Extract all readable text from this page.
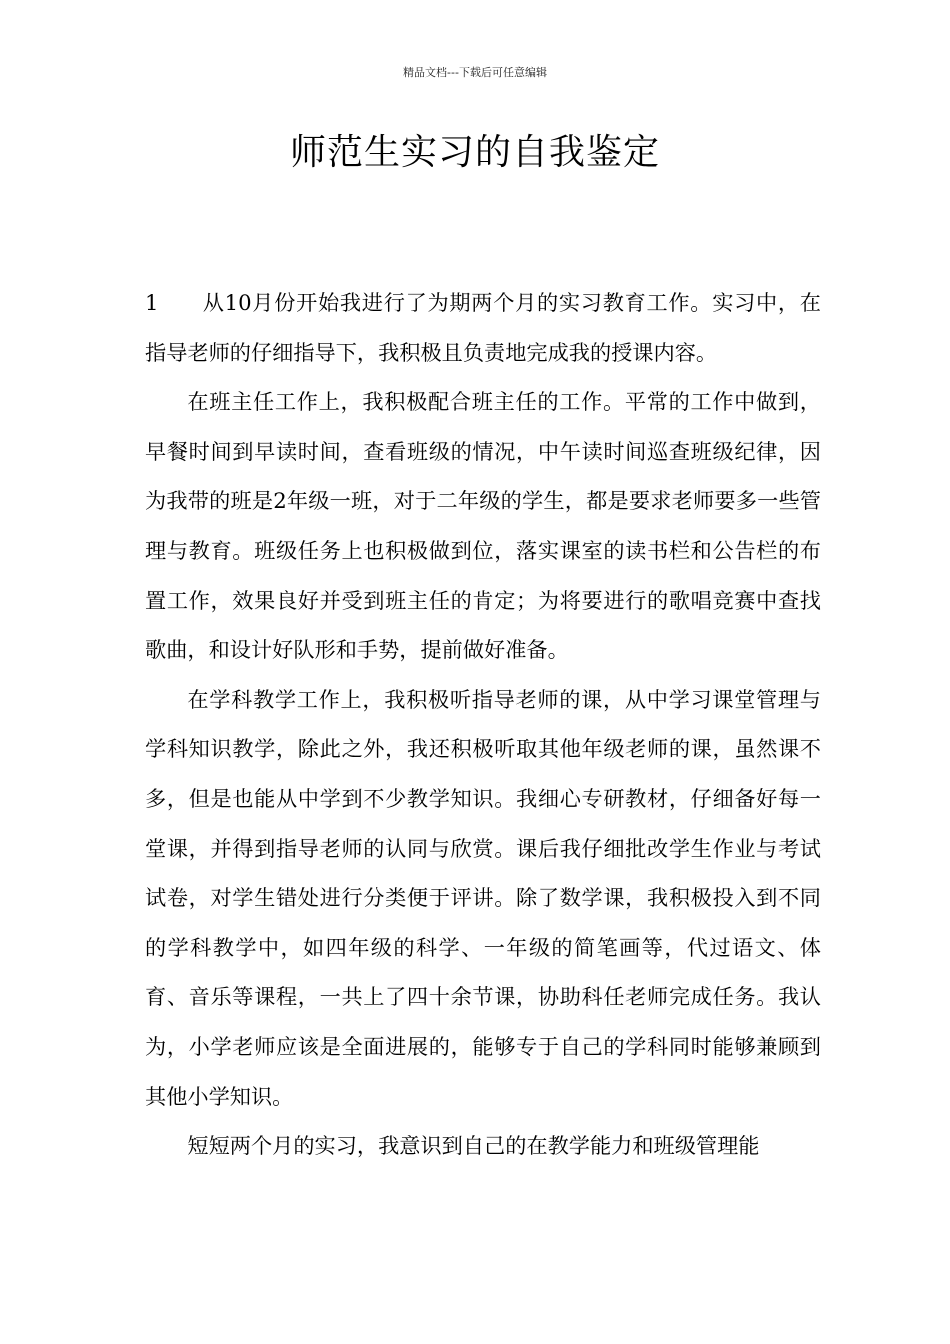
精品文档---下载后可任意编辑
师范生实习的自我鉴定

1 从10月份开始我进行了为期两个月的实习教育工作。实习中，在指导老师的仔细指导下，我积极且负责地完成我的授课内容。

在班主任工作上，我积极配合班主任的工作。平常的工作中做到，早餐时间到早读时间，查看班级的情况，中午读时间巡查班级纪律，因为我带的班是2年级一班，对于二年级的学生，都是要求老师要多一些管理与教育。班级任务上也积极做到位，落实课室的读书栏和公告栏的布置工作，效果良好并受到班主任的肯定；为将要进行的歌唱竞赛中查找歌曲，和设计好队形和手势，提前做好准备。

在学科教学工作上，我积极听指导老师的课，从中学习课堂管理与学科知识教学，除此之外，我还积极听取其他年级老师的课，虽然课不多，但是也能从中学到不少教学知识。我细心专研教材，仔细备好每一堂课，并得到指导老师的认同与欣赏。课后我仔细批改学生作业与考试试卷，对学生错处进行分类便于评讲。除了数学课，我积极投入到不同的学科教学中，如四年级的科学、一年级的简笔画等，代过语文、体育、音乐等课程，一共上了四十余节课，协助科任老师完成任务。我认为，小学老师应该是全面进展的，能够专于自己的学科同时能够兼顾到其他小学知识。

短短两个月的实习，我意识到自己的在教学能力和班级管理能
